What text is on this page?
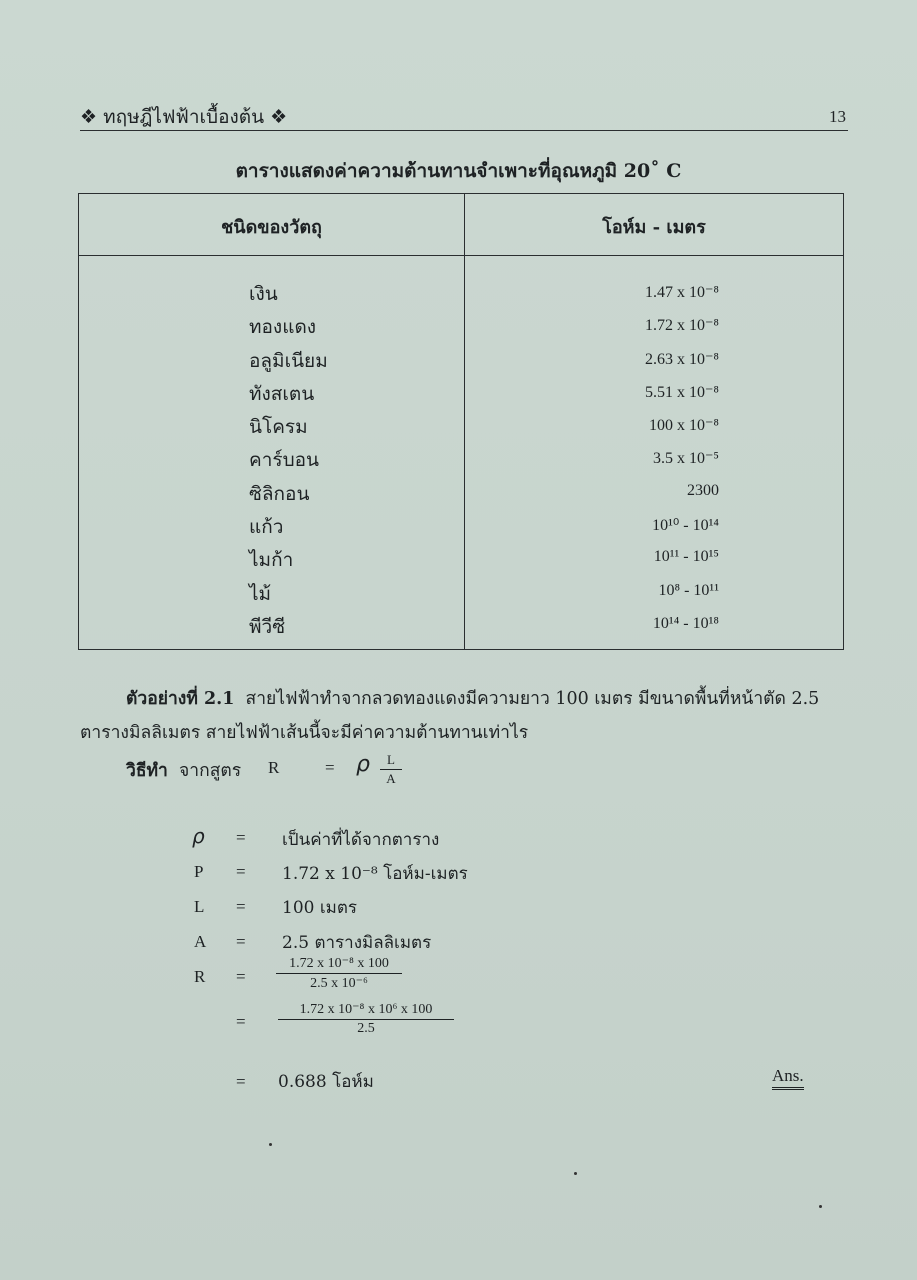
❖ ทฤษฎีไฟฟ้าเบื้องต้น ❖	13
ตารางแสดงค่าความต้านทานจำเพาะที่อุณหภูมิ 20˚ C
ชนิดของวัตถุ	โอห์ม - เมตร
เงิน	1.47 x 10⁻⁸
ทองแดง	1.72 x 10⁻⁸
อลูมิเนียม	2.63 x 10⁻⁸
ทังสเตน	5.51 x 10⁻⁸
นิโครม	100 x 10⁻⁸
คาร์บอน	3.5 x 10⁻⁵
ซิลิกอน	2300
แก้ว	10¹⁰ - 10¹⁴
ไมก้า	10¹¹ - 10¹⁵
ไม้	10⁸ - 10¹¹
พีวีซี	10¹⁴ - 10¹⁸
ตัวอย่างที่ 2.1 สายไฟฟ้าทำจากลวดทองแดงมีความยาว 100 เมตร มีขนาดพื้นที่หน้าตัด 2.5
ตารางมิลลิเมตร สายไฟฟ้าเส้นนี้จะมีค่าความต้านทานเท่าไร
วิธีทำ จากสูตร R	= ρ $\frac{L}{A}$
ρ = เป็นค่าที่ได้จากตาราง
P = 1.72 x 10⁻⁸ โอห์ม-เมตร
L = 100 เมตร
A = 2.5 ตารางมิลลิเมตร
$R = \frac{\text{1.72 x 10⁻⁸ x 100}}{\text{2.5 x 10⁻⁶}}$
= $\frac{\text{1.72 x 10⁻⁸ x 10⁶ x 100}}{2.5}$
= 0.688 โอห์ม	Ans.
